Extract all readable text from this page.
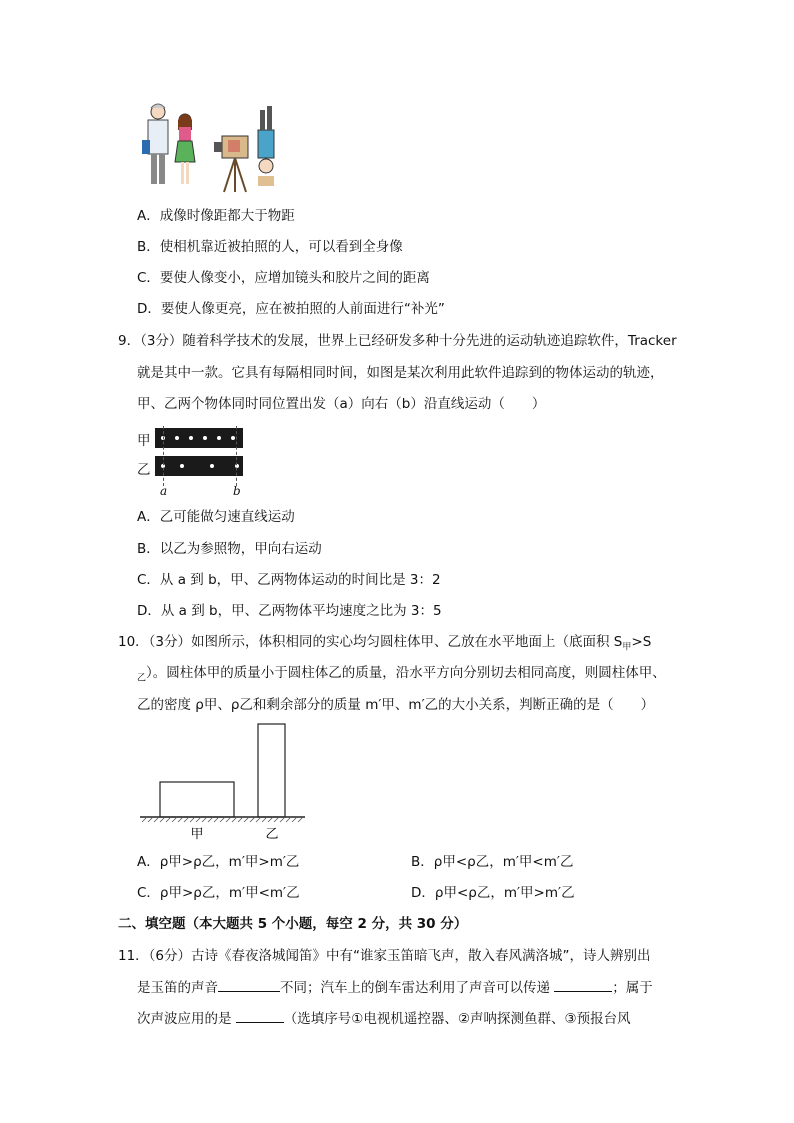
A．成像时像距都大于物距
B．使相机靠近被拍照的人，可以看到全身像
C．要使人像变小，应增加镜头和胶片之间的距离
D．要使人像更亮，应在被拍照的人前面进行“补光”
9．（3分）随着科学技术的发展，世界上已经研发多种十分先进的运动轨迹追踪软件，Tracker
就是其中一款。它具有每隔相同时间，如图是某次利用此软件追踪到的物体运动的轨迹，
甲、乙两个物体同时同位置出发（a）向右（b）沿直线运动（　　）
甲
乙
a	b
A．乙可能做匀速直线运动
B．以乙为参照物，甲向右运动
C．从 a 到 b，甲、乙两物体运动的时间比是 3：2
D．从 a 到 b，甲、乙两物体平均速度之比为 3：5
10．（3分）如图所示，体积相同的实心均匀圆柱体甲、乙放在水平地面上（底面积 $S_甲>S$
$_乙$）。圆柱体甲的质量小于圆柱体乙的质量，沿水平方向分别切去相同高度，则圆柱体甲、
乙的密度 ρ甲、ρ乙和剩余部分的质量 m′甲、m′乙的大小关系，判断正确的是（　　）
甲	乙
A．ρ甲>ρ乙，m′甲>m′乙	B．ρ甲<ρ乙，m′甲<m′乙
C．ρ甲>ρ乙，m′甲<m′乙	D．ρ甲<ρ乙，m′甲>m′乙
二、填空题（本大题共 5 个小题，每空 2 分，共 30 分）
11．（6分）古诗《春夜洛城闻笛》中有“谁家玉笛暗飞声，散入春风满洛城”，诗人辨别出
是玉笛的声音	不同；汽车上的倒车雷达利用了声音可以传递	；属于
次声波应用的是	（选填序号①电视机遥控器、②声呐探测鱼群、③预报台风
